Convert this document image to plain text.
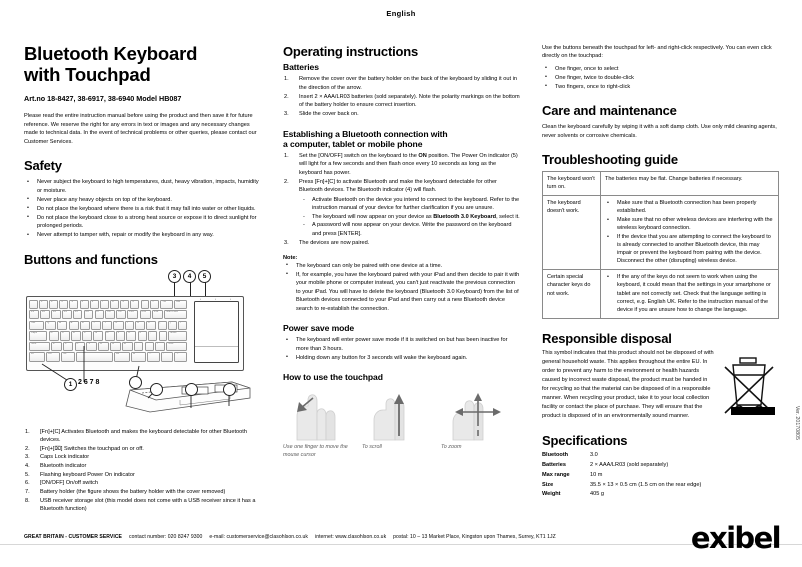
English
Bluetooth Keyboard
with Touchpad
Art.no 18-8427, 38-6917, 38-6940 Model HB087

Please read the entire instruction manual before using the product and then save it for future reference. We reserve the right for any errors in text or images and any necessary changes made to technical data. In the event of technical problems or other queries, please contact our Customer Services.

Safety
• Never subject the keyboard to high temperatures, dust, heavy vibration, impacts, humidity or moisture.
• Never place any heavy objects on top of the keyboard.
• Do not place the keyboard where there is a risk that it may fall into water or other liquids.
• Do not place the keyboard close to a strong heat source or expose it to direct sunlight for prolonged periods.
• Never attempt to tamper with, repair or modify the keyboard in any way.
Buttons and functions
^	1	2	3	4	5	6	7	8	9	0	-	=	⌫	Del
F1	F2	F3	F4	F5	F6	F7	F8	F9	F10	F11	F12	Num Lock
Tab	Q	W	E	R	T	Y	U	I	O	P	[	]	\
Caps	A	S	D	F	G	H	J	K	L	;	'	Enter
Shift	Z	X	C	V	B	N	M	,	.	/	Shift
Fn	Ctrl	Alt
	Alt	⌘	←	↑	→
•	•	•
3	4	5
1 2 6 7 8
[Fn]+[C] Activates Bluetooth and makes the keyboard detectable for other Bluetooth devices.
[Fn]+[⌧] Switches the touchpad on or off.
Caps Lock indicator
Bluetooth indicator
Flashing keyboard Power On indicator
[ON/OFF] On/off switch
Battery holder (the figure shows the battery holder with the cover removed)
USB receiver storage slot (this model does not come with a USB receiver since it has a Bluetooth function)
Operating instructions
Batteries
Remove the cover over the battery holder on the back of the keyboard by sliding it out in the direction of the arrow.
Insert 2 × AAA/LR03 batteries (sold separately). Note the polarity markings on the bottom of the battery holder to ensure correct insertion.
Slide the cover back on.
Establishing a Bluetooth connection with
a computer, tablet or mobile phone
Set the [ON/OFF] switch on the keyboard to the ON position. The Power On indicator (5) will light for a few seconds and then flash once every 10 seconds as long as the keyboard has power.
Press [Fn]+[C] to activate Bluetooth and make the keyboard detectable for other Bluetooth devices. The Bluetooth indicator (4) will flash.
- Activate Bluetooth on the device you intend to connect to the keyboard. Refer to the instruction manual of your device for further clarification if you are unsure.
- The keyboard will now appear on your device as Bluetooth 3.0 Keyboard, select it.
- A password will now appear on your device. Write the password on the keyboard and press [ENTER].
The devices are now paired.
Note:
• The keyboard can only be paired with one device at a time.
• If, for example, you have the keyboard paired with your iPad and then decide to pair it with your mobile phone or computer instead, you can't just reactivate the previous connection to your iPad. You will have to delete the keyboard (Bluetooth 3.0 Keyboard) from the list of Bluetooth devices connected to your iPad and then carry out a new Bluetooth device search to re-establish the connection.
Power save mode
• The keyboard will enter power save mode if it is switched on but has been inactive for more than 3 hours.
• Holding down any button for 3 seconds will wake the keyboard again.
How to use the touchpad
Use one finger to move the mouse cursor
To scroll	To zoom

Use the buttons beneath the touchpad for left- and right-click respectively. You can even click directly on the touchpad:

• One finger, once to select
• One finger, twice to double-click
• Two fingers, once to right-click
Care and maintenance

Clean the keyboard carefully by wiping it with a soft damp cloth. Use only mild cleaning agents, never solvents or corrosive chemicals.

Troubleshooting guide
The keyboard won't turn on.	The batteries may be flat. Change batteries if necessary.
The keyboard doesn't work.	
• Make sure that a Bluetooth connection has been properly established.
• Make sure that no other wireless devices are interfering with the wireless keyboard connection.
• If the device that you are attempting to connect the keyboard to is already connected to another Bluetooth device, this may impair or prevent the keyboard from pairing with the device. Disconnect the other (disrupting) wireless device.

Certain special character keys do not work.	
• If the any of the keys do not seem to work when using the keyboard, it could mean that the settings in your smartphone or tablet are not correctly set. Check that the language setting is correct, e.g. English UK. Refer to the instruction manual of the device if you are unsure how to change the language.
Responsible disposal

This symbol indicates that this product should not be disposed of with general household waste. This applies throughout the entire EU. In order to prevent any harm to the environment or health hazards caused by incorrect waste disposal, the product must be handed in for recycling so that the material can be disposed of in a responsible manner. When recycling your product, take it to your local collection facility or contact the place of purchase. They will ensure that the product is disposed of in an environmentally sound manner.

Specifications
Bluetooth	3.0
Batteries	2 × AAA/LR03 (sold separately)
Max range	10 m
Size	35.5 × 13 × 0.5 cm (1.5 cm on the rear edge)
Weight	405 g
Ver. 20170805
GREAT BRITAIN - CUSTOMER SERVICE contact number: 020 8247 9300 e-mail: customerservice@clasohlson.co.uk internet: www.clasohlson.co.uk postal: 10 – 13 Market Place, Kingston upon Thames, Surrey, KT1 1JZ	exibel
